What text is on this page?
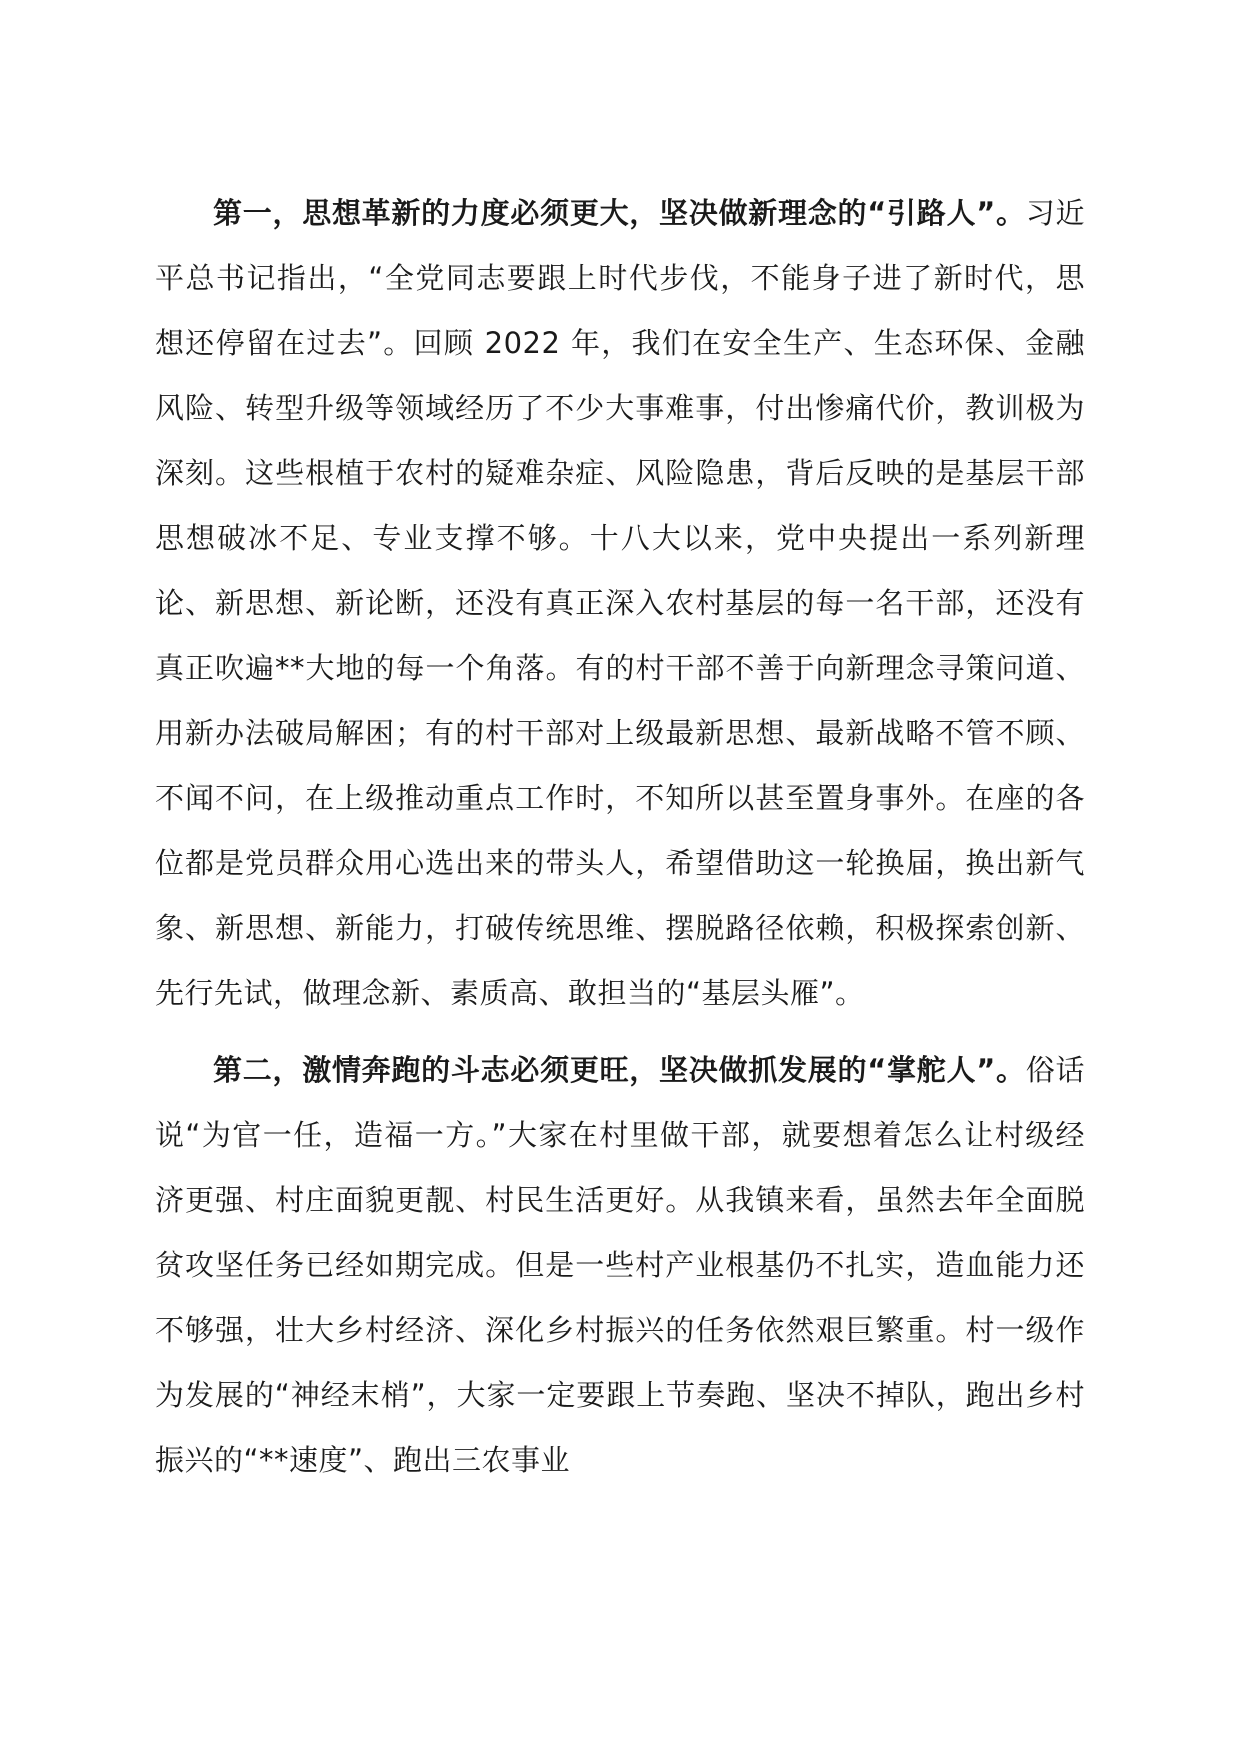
第一，思想革新的力度必须更大，坚决做新理念的“引路人”。习近平总书记指出，“全党同志要跟上时代步伐，不能身子进了新时代，思想还停留在过去”。回顾 2022 年，我们在安全生产、生态环保、金融风险、转型升级等领域经历了不少大事难事，付出惨痛代价，教训极为深刻。这些根植于农村的疑难杂症、风险隐患，背后反映的是基层干部思想破冰不足、专业支撑不够。十八大以来，党中央提出一系列新理论、新思想、新论断，还没有真正深入农村基层的每一名干部，还没有真正吹遍**大地的每一个角落。有的村干部不善于向新理念寻策问道、用新办法破局解困；有的村干部对上级最新思想、最新战略不管不顾、不闻不问，在上级推动重点工作时，不知所以甚至置身事外。在座的各位都是党员群众用心选出来的带头人，希望借助这一轮换届，换出新气象、新思想、新能力，打破传统思维、摆脱路径依赖，积极探索创新、先行先试，做理念新、素质高、敢担当的“基层头雁”。

第二，激情奔跑的斗志必须更旺，坚决做抓发展的“掌舵人”。俗话说“为官一任，造福一方。”大家在村里做干部，就要想着怎么让村级经济更强、村庄面貌更靓、村民生活更好。从我镇来看，虽然去年全面脱贫攻坚任务已经如期完成。但是一些村产业根基仍不扎实，造血能力还不够强，壮大乡村经济、深化乡村振兴的任务依然艰巨繁重。村一级作为发展的“神经末梢”，大家一定要跟上节奏跑、坚决不掉队，跑出乡村振兴的“**速度”、跑出三农事业
